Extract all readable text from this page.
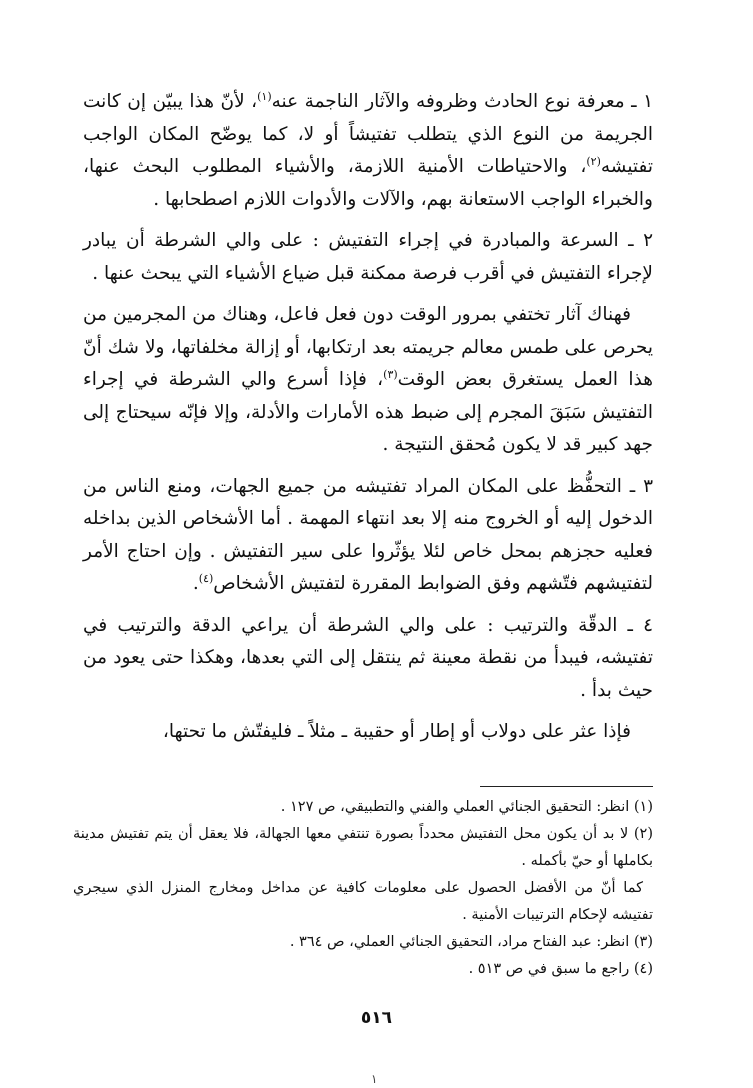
١ ـ معرفة نوع الحادث وظروفه والآثار الناجمة عنه$^{(١)}$، لأنّ هذا يبيّن إن كانت الجريمة من النوع الذي يتطلب تفتيشاً أو لا، كما يوضّح المكان الواجب تفتيشه$^{(٢)}$، والاحتياطات الأمنية اللازمة، والأشياء المطلوب البحث عنها، والخبراء الواجب الاستعانة بهم، والآلات والأدوات اللازم اصطحابها .

٢ ـ السرعة والمبادرة في إجراء التفتيش : على والي الشرطة أن يبادر لإجراء التفتيش في أقرب فرصة ممكنة قبل ضياع الأشياء التي يبحث عنها .

فهناك آثار تختفي بمرور الوقت دون فعل فاعل، وهناك من المجرمين من يحرص على طمس معالم جريمته بعد ارتكابها، أو إزالة مخلفاتها، ولا شك أنّ هذا العمل يستغرق بعض الوقت$^{(٣)}$، فإذا أسرع والي الشرطة في إجراء التفتيش سَبَقَ المجرم إلى ضبط هذه الأمارات والأدلة، وإلا فإنّه سيحتاج إلى جهد كبير قد لا يكون مُحقق النتيجة .

٣ ـ التحفُّظ على المكان المراد تفتيشه من جميع الجهات، ومنع الناس من الدخول إليه أو الخروج منه إلا بعد انتهاء المهمة . أما الأشخاص الذين بداخله فعليه حجزهم بمحل خاص لئلا يؤثّروا على سير التفتيش . وإن احتاج الأمر لتفتيشهم فتّشهم وفق الضوابط المقررة لتفتيش الأشخاص$^{(٤)}$.

٤ ـ الدقّة والترتيب : على والي الشرطة أن يراعي الدقة والترتيب في تفتيشه، فيبدأ من نقطة معينة ثم ينتقل إلى التي بعدها، وهكذا حتى يعود من حيث بدأ .

فإذا عثر على دولاب أو إطار أو حقيبة ـ مثلاً ـ فليفتّش ما تحتها،

(١) انظر: التحقيق الجنائي العملي والفني والتطبيقي، ص ١٢٧ .

(٢) لا بد أن يكون محل التفتيش محدداً بصورة تنتفي معها الجهالة، فلا يعقل أن يتم تفتيش مدينة بكاملها أو حيّ بأكمله .

كما أنّ من الأفضل الحصول على معلومات كافية عن مداخل ومخارج المنزل الذي سيجري تفتيشه لإحكام الترتيبات الأمنية .

(٣) انظر: عبد الفتاح مراد، التحقيق الجنائي العملي، ص ٣٦٤ .

(٤) راجع ما سبق في ص ٥١٣ .

٥١٦
١
